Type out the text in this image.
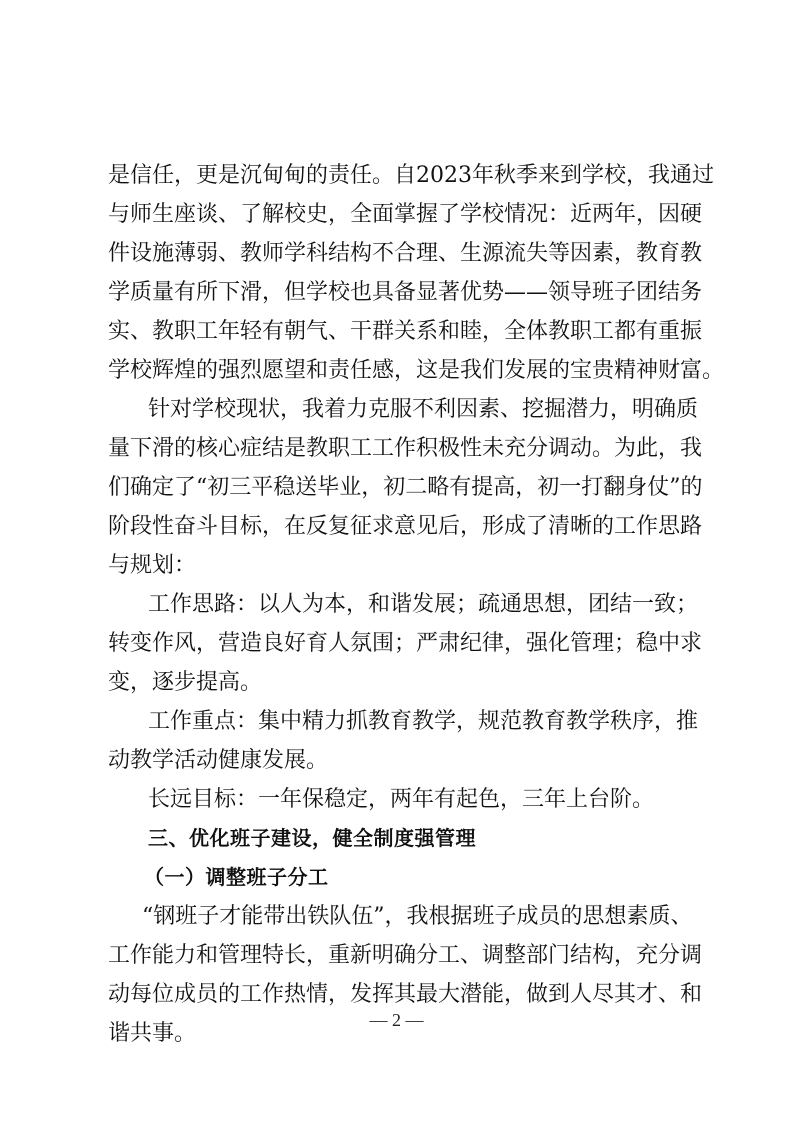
是信任，更是沉甸甸的责任。自2023年秋季来到学校，我通过
与师生座谈、了解校史，全面掌握了学校情况：近两年，因硬
件设施薄弱、教师学科结构不合理、生源流失等因素，教育教
学质量有所下滑，但学校也具备显著优势——领导班子团结务
实、教职工年轻有朝气、干群关系和睦，全体教职工都有重振
学校辉煌的强烈愿望和责任感，这是我们发展的宝贵精神财富。
针对学校现状，我着力克服不利因素、挖掘潜力，明确质
量下滑的核心症结是教职工工作积极性未充分调动。为此，我
们确定了“初三平稳送毕业，初二略有提高，初一打翻身仗”的
阶段性奋斗目标，在反复征求意见后，形成了清晰的工作思路
与规划：
工作思路：以人为本，和谐发展；疏通思想，团结一致；
转变作风，营造良好育人氛围；严肃纪律，强化管理；稳中求
变，逐步提高。
工作重点：集中精力抓教育教学，规范教育教学秩序，推
动教学活动健康发展。
长远目标：一年保稳定，两年有起色，三年上台阶。
三、优化班子建设，健全制度强管理
（一）调整班子分工
“钢班子才能带出铁队伍”，我根据班子成员的思想素质、
工作能力和管理特长，重新明确分工、调整部门结构，充分调
动每位成员的工作热情，发挥其最大潜能，做到人尽其才、和
谐共事。
— 2 —
